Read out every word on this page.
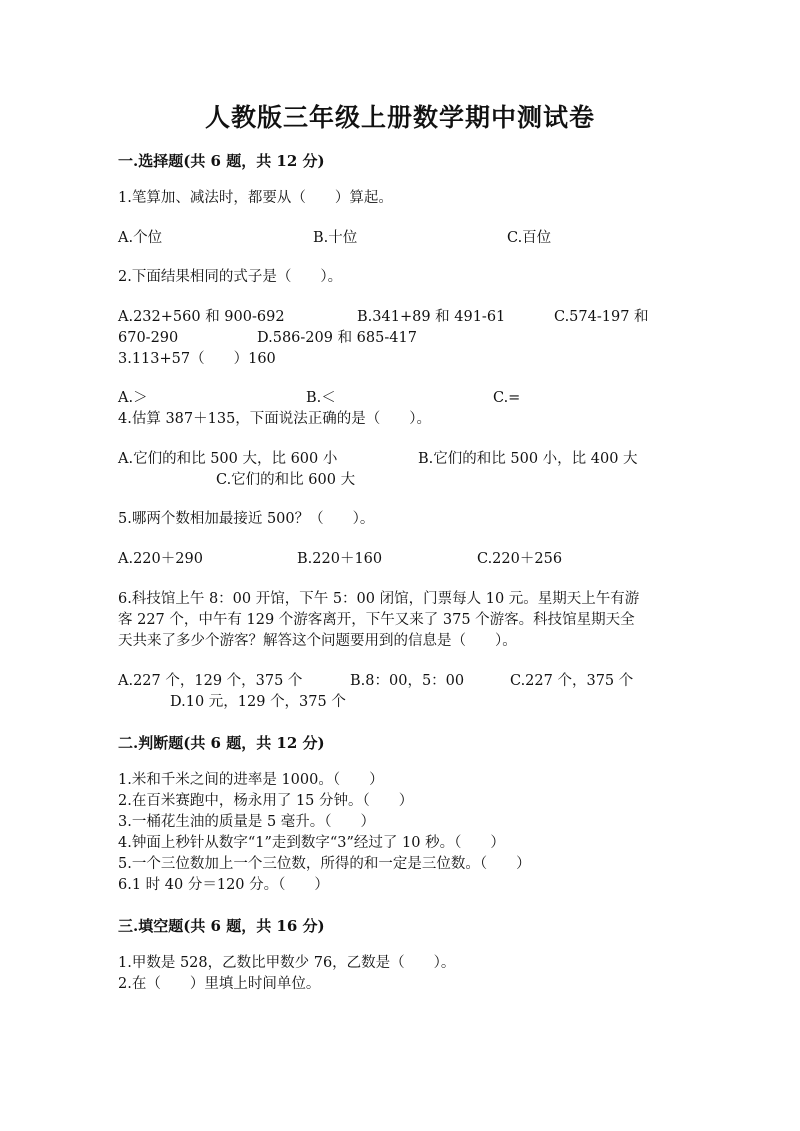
人教版三年级上册数学期中测试卷
一.选择题(共 6 题，共 12 分)
1.笔算加、减法时，都要从（　　）算起。
A.个位	B.十位	C.百位
2.下面结果相同的式子是（　　）。
A.232+560 和 900-692	B.341+89 和 491-61	C.574-197 和
670-290	D.586-209 和 685-417
3.113+57（　　）160
A.＞	B.＜	C.=
4.估算 387＋135，下面说法正确的是（　　）。
A.它们的和比 500 大，比 600 小	B.它们的和比 500 小，比 400 大
C.它们的和比 600 大
5.哪两个数相加最接近 500？（　　）。
A.220＋290	B.220＋160	C.220＋256
6.科技馆上午 8：00 开馆，下午 5：00 闭馆，门票每人 10 元。星期天上午有游
客 227 个，中午有 129 个游客离开，下午又来了 375 个游客。科技馆星期天全
天共来了多少个游客？解答这个问题要用到的信息是（　　）。
A.227 个，129 个，375 个	B.8：00，5：00	C.227 个，375 个
D.10 元，129 个，375 个
二.判断题(共 6 题，共 12 分)
1.米和千米之间的进率是 1000。（　　）
2.在百米赛跑中，杨永用了 15 分钟。（　　）
3.一桶花生油的质量是 5 毫升。（　　）
4.钟面上秒针从数字“1”走到数字“3”经过了 10 秒。（　　）
5.一个三位数加上一个三位数，所得的和一定是三位数。（　　）
6.1 时 40 分＝120 分。（　　）
三.填空题(共 6 题，共 16 分)
1.甲数是 528，乙数比甲数少 76，乙数是（　　）。
2.在（　　）里填上时间单位。
